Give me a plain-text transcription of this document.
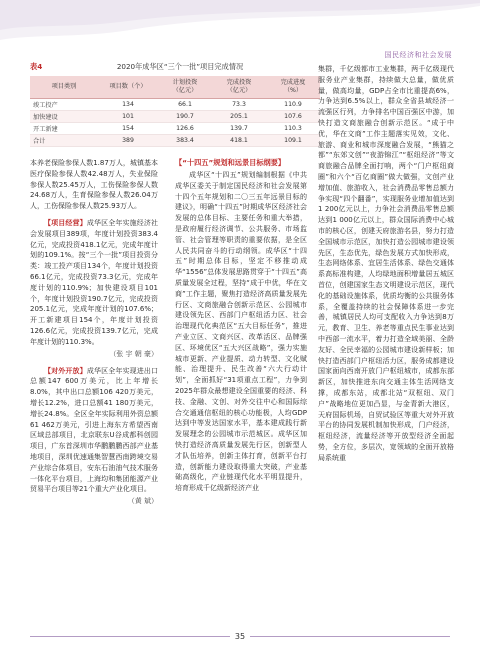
国民经济和社会发展
表4	2020年成华区“三个一批”项目完成情况
项目类别	项目数（个）	计划投资
（亿元）	完成投资
（亿元）	完成进度
（%）
竣工投产	134	66.1	73.3	110.9
加快建设	101	190.7	205.1	107.6
开工新建	154	126.6	139.7	110.3
合计	389	383.4	418.1	109.1

本养老保险参保人数1.87万人，城镇基本医疗保险参保人数42.48万人，失业保险参保人数25.45万人，工伤保险参保人数24.68万人，生育保险参保人数26.04万人，工伤保险参保人数25.93万人。

【项目经营】成华区全年实施经济社会发展项目389项，年度计划投资383.4亿元，完成投资418.1亿元，完成年度计划的109.1%。按“三个一批”项目投资分类：竣工投产项目134个，年度计划投资66.1亿元，完成投资73.3亿元，完成年度计划的110.9%；加快建设项目101个，年度计划投资190.7亿元，完成投资205.1亿元，完成年度计划的107.6%；开工新建项目154个，年度计划投资126.6亿元，完成投资139.7亿元，完成年度计划的110.3%。

（张 宇 朝 豪）

【对外开放】成华区全年实现进出口总额147 600万美元，比上年增长8.0%，其中出口总额106 420万美元，增长12.2%，进口总额41 180万美元，增长24.8%。全区全年实际利用外资总额61 462万美元，引进上海东方希望西南区域总部项目，北京联东U谷成都科创园项目，广东首深圳市华鹏鹏鹏西部产业基地项目，深圳优速通集智慧西南跨境交易产业综合体项目，安东石油油气技术服务一体化平台项目，上海均和集团能源产业贸易平台项目等21个重大产业化项目。

（黄 斌）
【“十四五”规划和远景目标纲要】

成华区“十四五”规划编制根据《中共成华区委关于制定国民经济和社会发展第十四个五年规划和二〇三五年远景目标的建议》，明确“十四五”时期成华区经济社会发展的总体目标、主要任务和重大举措，是政府履行经济调节、公共服务、市场监管、社会管理等职责的重要依据，是全区人民共同奋斗的行动纲领。成华区“十四五”时期总体目标，坚定不移推动成华“1556”总体发展思路贯穿于“十四五”高质量发展全过程，坚持“成于中优，华在文商”工作主题，聚焦打造经济高质量发展先行区、文商旅融合创新示范区、公园城市建设领先区、西部门户枢纽活力区、社会治理现代化典范区“五大目标任务”，推进产业立区、文商兴区、改革活区、品牌强区、环境优区“五大兴区战略”，强力实施城市更新、产业提质、动力转型、文化赋能、治理提升、民生改善“六大行动计划”，全面抓好“31项重点工程”，力争到2025年群众最想建设全国重要的经济、科技、金融、文创、对外交往中心和国际综合交通通信枢纽的核心功能极，人均GDP达到中等发达国家水平，基本建成践行新发展理念的公园城市示范城区。成华区加快打造经济高质量发展先行区，创新型人才队伍培养，创新主体打育，创新平台打造，创新能力建设取得重大突破，产业基础高级化，产业链现代化水平明显提升，培育形成千亿级新经济产业

集群，千亿级都市工业集群，两千亿级现代服务业产业集群，持续做大总量，做优质量，做高均量，GDP占全市比重提高6%，力争达到6.5%以上，群众全省县域经济一流强区行列，力争排名中国百强区中游，加快打造文商旅融合创新示范区。“成于中优，华在文商”工作主题落实见效，文化、旅游、商业和城市深度融合发展，“熊猫之都”“东郊文创”“夜游锦江”“枢纽经济”等文商旅融合品牌全面打响，两个“门户枢纽商圈”和六个“百亿商圈”做大做强，文创产业增加值、旅游收入，社会消费品零售总额力争实现“四个翻番”，实现服务业增加值达到1 200亿元以上，力争社会消费品零售总额达到1 000亿元以上，群众国际消费中心城市的核心区，创建天府旅游名县，努力打造全国城市示范区，加快打造公园城市建设领先区，生态优先，绿色发展方式加快形成，生态网络体系、宜居生活体系、绿色交通体系高标准构建，人均绿地面积增量居五城区首位，创建国家生态文明建设示范区，现代化的基础设施体系，优质均衡的公共服务体系，全覆盖持续的社会保障体系进一步完善，城镇居民人均可支配收入力争达到8万元，教育、卫生、养老等重点民生事业达到中西部一流水平，着力打造全域美丽、全龄友好、全民幸福的公园城市建设新样板；加快打造西部门户枢纽活力区，服务成都建设国家面向西南开放门户枢纽城市，成都东部新区，加快推进东向交通主体生活网络支撑，成都东站，成都北站“双枢纽、双门户”战略地位更加凸显，与金青新大港区，天府国际机场，自贸试验区等重大对外开放平台的协同发展机制加快形成，门户经济，枢纽经济，流量经济等开放型经济全面起势，全方位，多层次，宽领域的全面开放格局系统重

35
